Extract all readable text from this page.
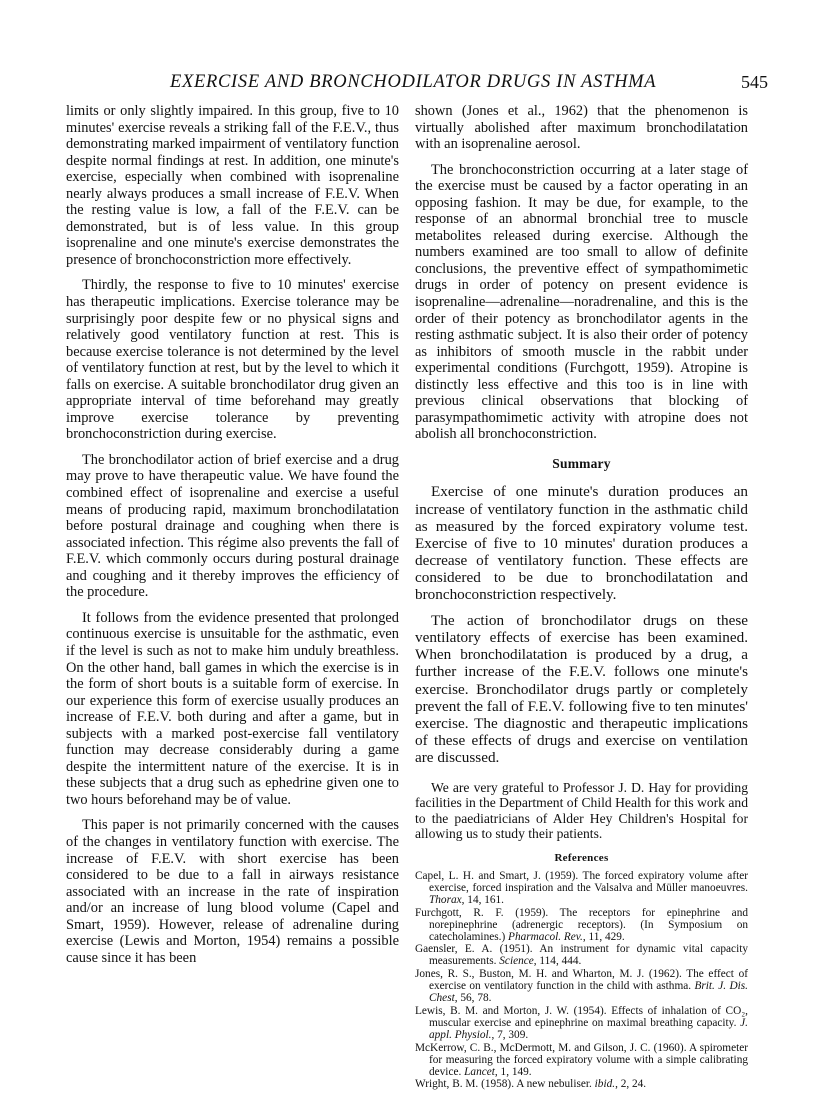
EXERCISE AND BRONCHODILATOR DRUGS IN ASTHMA	545

limits or only slightly impaired. In this group, five to 10 minutes' exercise reveals a striking fall of the F.E.V., thus demonstrating marked impairment of ventilatory function despite normal findings at rest. In addition, one minute's exercise, especially when combined with isoprenaline nearly always produces a small increase of F.E.V. When the resting value is low, a fall of the F.E.V. can be demonstrated, but is of less value. In this group isoprenaline and one minute's exercise demonstrates the presence of bronchoconstriction more effectively.

Thirdly, the response to five to 10 minutes' exercise has therapeutic implications. Exercise tolerance may be surprisingly poor despite few or no physical signs and relatively good ventilatory function at rest. This is because exercise tolerance is not determined by the level of ventilatory function at rest, but by the level to which it falls on exercise. A suitable bronchodilator drug given an appropriate interval of time beforehand may greatly improve exercise tolerance by preventing bronchoconstriction during exercise.

The bronchodilator action of brief exercise and a drug may prove to have therapeutic value. We have found the combined effect of isoprenaline and exercise a useful means of producing rapid, maximum bronchodilatation before postural drainage and coughing when there is associated infection. This régime also prevents the fall of F.E.V. which commonly occurs during postural drainage and coughing and it thereby improves the efficiency of the procedure.

It follows from the evidence presented that prolonged continuous exercise is unsuitable for the asthmatic, even if the level is such as not to make him unduly breathless. On the other hand, ball games in which the exercise is in the form of short bouts is a suitable form of exercise. In our experience this form of exercise usually produces an increase of F.E.V. both during and after a game, but in subjects with a marked post-exercise fall ventilatory function may decrease considerably during a game despite the intermittent nature of the exercise. It is in these subjects that a drug such as ephedrine given one to two hours beforehand may be of value.

This paper is not primarily concerned with the causes of the changes in ventilatory function with exercise. The increase of F.E.V. with short exercise has been considered to be due to a fall in airways resistance associated with an increase in the rate of inspiration and/or an increase of lung blood volume (Capel and Smart, 1959). However, release of adrenaline during exercise (Lewis and Morton, 1954) remains a possible cause since it has been

shown (Jones et al., 1962) that the phenomenon is virtually abolished after maximum bronchodilatation with an isoprenaline aerosol.

The bronchoconstriction occurring at a later stage of the exercise must be caused by a factor operating in an opposing fashion. It may be due, for example, to the response of an abnormal bronchial tree to muscle metabolites released during exercise. Although the numbers examined are too small to allow of definite conclusions, the preventive effect of sympathomimetic drugs in order of potency on present evidence is isoprenaline—adrenaline—noradrenaline, and this is the order of their potency as bronchodilator agents in the resting asthmatic subject. It is also their order of potency as inhibitors of smooth muscle in the rabbit under experimental conditions (Furchgott, 1959). Atropine is distinctly less effective and this too is in line with previous clinical observations that blocking of parasympathomimetic activity with atropine does not abolish all bronchoconstriction.

Summary

Exercise of one minute's duration produces an increase of ventilatory function in the asthmatic child as measured by the forced expiratory volume test. Exercise of five to 10 minutes' duration produces a decrease of ventilatory function. These effects are considered to be due to bronchodilatation and bronchoconstriction respectively.

The action of bronchodilator drugs on these ventilatory effects of exercise has been examined. When bronchodilatation is produced by a drug, a further increase of the F.E.V. follows one minute's exercise. Bronchodilator drugs partly or completely prevent the fall of F.E.V. following five to ten minutes' exercise. The diagnostic and therapeutic implications of these effects of drugs and exercise on ventilation are discussed.

We are very grateful to Professor J. D. Hay for providing facilities in the Department of Child Health for this work and to the paediatricians of Alder Hey Children's Hospital for allowing us to study their patients.

References
Capel, L. H. and Smart, J. (1959). The forced expiratory volume after exercise, forced inspiration and the Valsalva and Müller manoeuvres. Thorax, 14, 161.
Furchgott, R. F. (1959). The receptors for epinephrine and norepinephrine (adrenergic receptors). (In Symposium on catecholamines.) Pharmacol. Rev., 11, 429.
Gaensler, E. A. (1951). An instrument for dynamic vital capacity measurements. Science, 114, 444.
Jones, R. S., Buston, M. H. and Wharton, M. J. (1962). The effect of exercise on ventilatory function in the child with asthma. Brit. J. Dis. Chest, 56, 78.
Lewis, B. M. and Morton, J. W. (1954). Effects of inhalation of CO₂, muscular exercise and epinephrine on maximal breathing capacity. J. appl. Physiol., 7, 309.
McKerrow, C. B., McDermott, M. and Gilson, J. C. (1960). A spirometer for measuring the forced expiratory volume with a simple calibrating device. Lancet, 1, 149.
Wright, B. M. (1958). A new nebuliser. ibid., 2, 24.
